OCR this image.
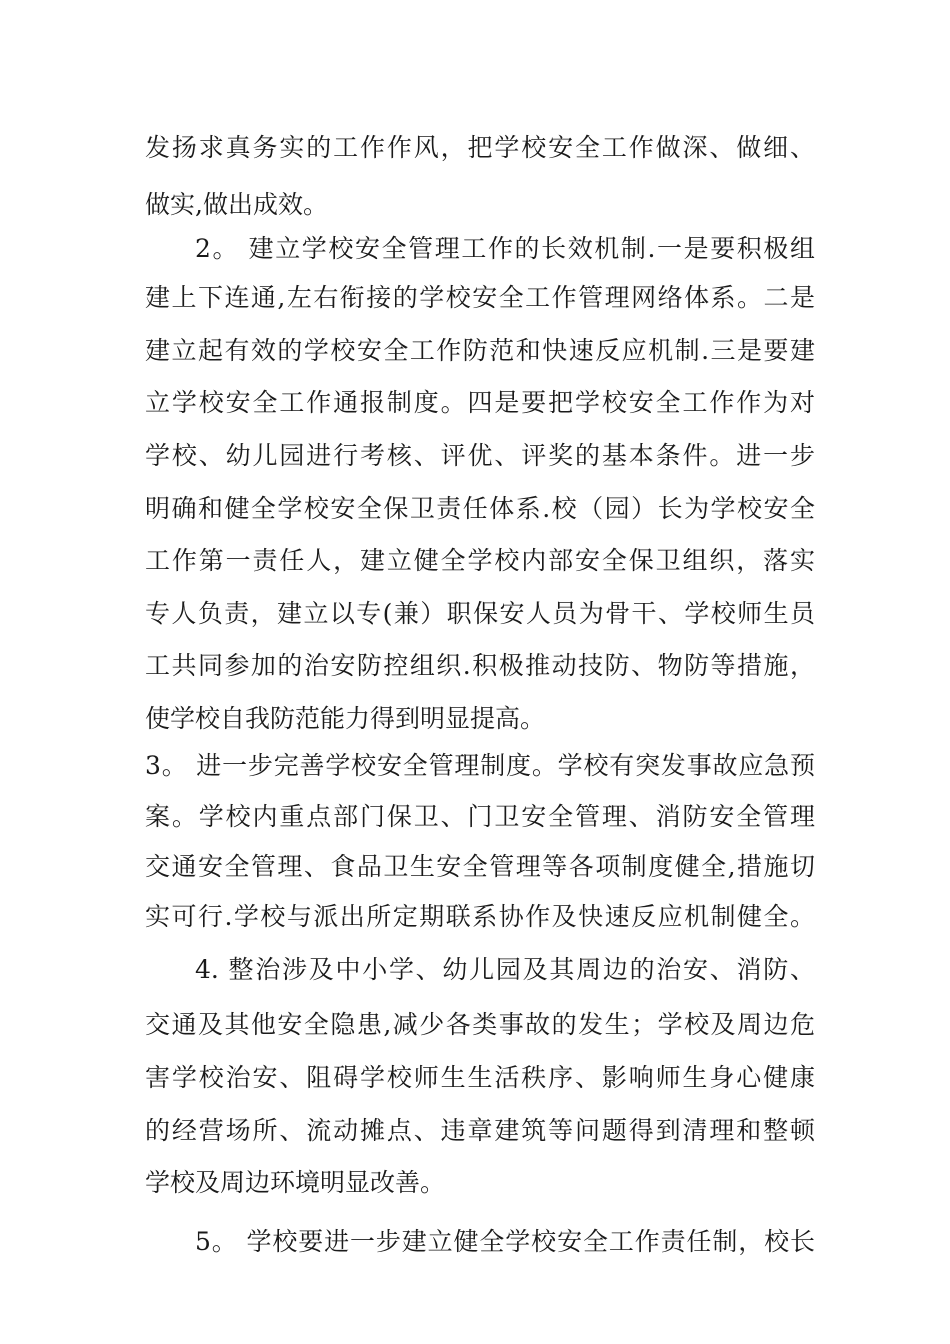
发扬求真务实的工作作风，把学校安全工作做深、做细、
做实,做出成效。
2。 建立学校安全管理工作的长效机制.一是要积极组
建上下连通,左右衔接的学校安全工作管理网络体系。二是
建立起有效的学校安全工作防范和快速反应机制.三是要建
立学校安全工作通报制度。四是要把学校安全工作作为对
学校、幼儿园进行考核、评优、评奖的基本条件。进一步
明确和健全学校安全保卫责任体系.校（园）长为学校安全
工作第一责任人，建立健全学校内部安全保卫组织，落实
专人负责，建立以专(兼）职保安人员为骨干、学校师生员
工共同参加的治安防控组织.积极推动技防、物防等措施，
使学校自我防范能力得到明显提高。
3。 进一步完善学校安全管理制度。学校有突发事故应急预
案。学校内重点部门保卫、门卫安全管理、消防安全管理
交通安全管理、食品卫生安全管理等各项制度健全,措施切
实可行.学校与派出所定期联系协作及快速反应机制健全。
4. 整治涉及中小学、幼儿园及其周边的治安、消防、
交通及其他安全隐患,减少各类事故的发生；学校及周边危
害学校治安、阻碍学校师生生活秩序、影响师生身心健康
的经营场所、流动摊点、违章建筑等问题得到清理和整顿
学校及周边环境明显改善。
5。 学校要进一步建立健全学校安全工作责任制，校长
